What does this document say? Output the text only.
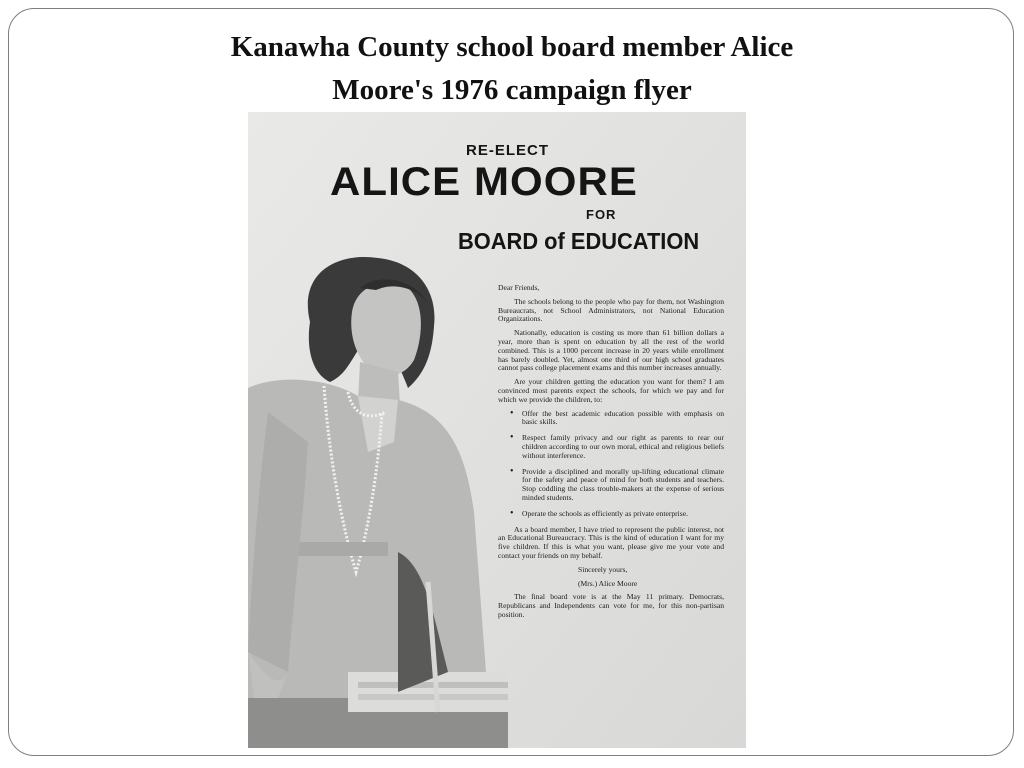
Kanawha County school board member Alice
Moore's 1976 campaign flyer
RE-ELECT
ALICE MOORE
FOR
BOARD of EDUCATION

Dear Friends,

The schools belong to the people who pay for them, not Washington Bureaucrats, not School Administrators, not National Education Organizations.

Nationally, education is costing us more than 61 billion dollars a year, more than is spent on education by all the rest of the world combined. This is a 1000 percent increase in 20 years while enrollment has barely doubled. Yet, almost one third of our high school graduates cannot pass college placement exams and this number increases annually.

Are your children getting the education you want for them? I am convinced most parents expect the schools, for which we pay and for which we provide the children, to:

• Offer the best academic education possible with emphasis on basic skills.
• Respect family privacy and our right as parents to rear our children according to our own moral, ethical and religious beliefs without interference.
• Provide a disciplined and morally up-lifting educational climate for the safety and peace of mind for both students and teachers. Stop coddling the class trouble-makers at the expense of serious minded students.
• Operate the schools as efficiently as private enterprise.

As a board member, I have tried to represent the public interest, not an Educational Bureaucracy. This is the kind of education I want for my five children. If this is what you want, please give me your vote and contact your friends on my behalf.

Sincerely yours,

(Mrs.) Alice Moore

The final board vote is at the May 11 primary. Democrats, Republicans and Independents can vote for me, for this non-partisan position.
